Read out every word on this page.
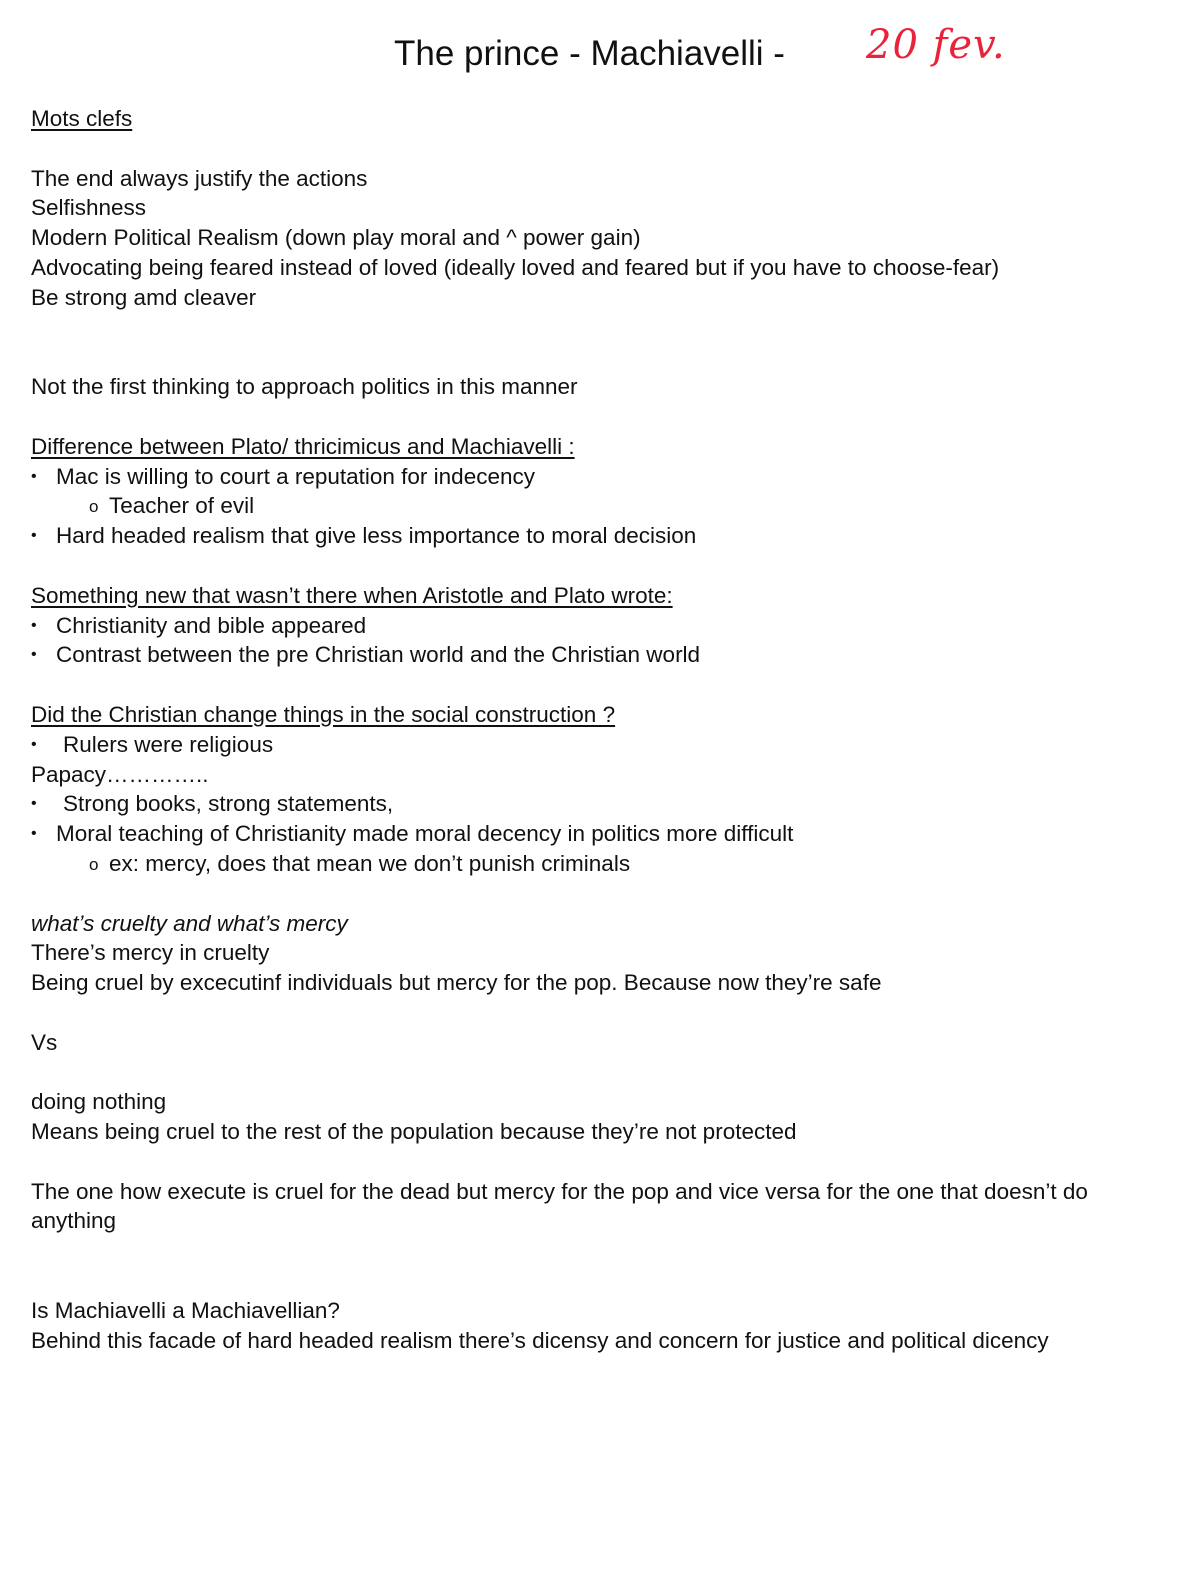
The prince - Machiavelli - 20 fev.
Mots clefs
The end always justify the actions
Selfishness
Modern Political Realism (down play moral and ^ power gain)
Advocating being feared instead of loved (ideally loved and feared but if you have to choose-fear)
Be strong amd cleaver
Not the first thinking to approach politics in this manner
Difference between Plato/ thricimicus and Machiavelli :
• Mac is willing to court a reputation for indecency
o Teacher of evil
• Hard headed realism that give less importance to moral decision
Something new that wasn’t there when Aristotle and Plato wrote:
• Christianity and bible appeared
• Contrast between the pre Christian world and the Christian world
Did the Christian change things in the social construction ?
• Rulers were religious
Papacy…………..
• Strong books, strong statements,
• Moral teaching of Christianity made moral decency in politics more difficult
o ex: mercy, does that mean we don’t punish criminals
what’s cruelty and what’s mercy
There’s mercy in cruelty
Being cruel by excecutinf individuals but mercy for the pop. Because now they’re safe
Vs
doing nothing
Means being cruel to the rest of the population because they’re not protected
The one how execute is cruel for the dead but mercy for the pop and vice versa for the one that doesn’t do anything
Is Machiavelli a Machiavellian?
Behind this facade of hard headed realism there’s dicensy and concern for justice and political dicency
